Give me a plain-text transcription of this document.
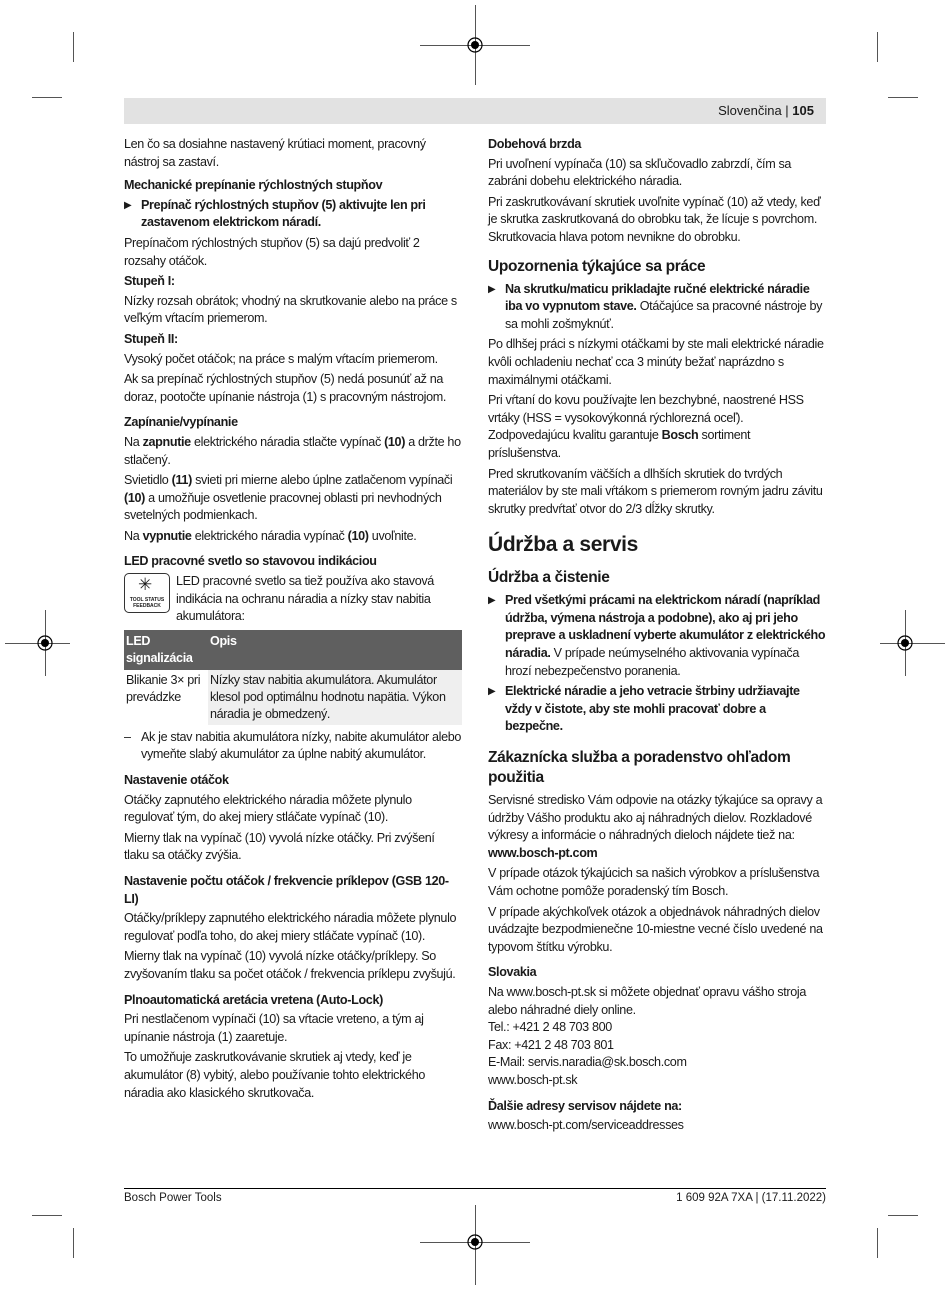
Slovenčina | 105

Len čo sa dosiahne nastavený krútiaci moment, pracovný nástroj sa zastaví.

Mechanické prepínanie rýchlostných stupňov
▶ Prepínač rýchlostných stupňov (5) aktivujte len pri zastavenom elektrickom náradí.

Prepínačom rýchlostných stupňov (5) sa dajú predvoliť 2 rozsahy otáčok.

Stupeň I:

Nízky rozsah obrátok; vhodný na skrutkovanie alebo na práce s veľkým vŕtacím priemerom.

Stupeň II:

Vysoký počet otáčok; na práce s malým vŕtacím priemerom.

Ak sa prepínač rýchlostných stupňov (5) nedá posunúť až na doraz, pootočte upínanie nástroja (1) s pracovným nástrojom.

Zapínanie/vypínanie

Na zapnutie elektrického náradia stlačte vypínač (10) a držte ho stlačený.

Svietidlo (11) svieti pri mierne alebo úplne zatlačenom vypínači (10) a umožňuje osvetlenie pracovnej oblasti pri nevhodných svetelných podmienkach.

Na vypnutie elektrického náradia vypínač (10) uvoľnite.

LED pracovné svetlo so stavovou indikáciou
✳
TOOL STATUS FEEDBACK
LED pracovné svetlo sa tiež používa ako stavová indikácia na ochranu náradia a nízky stav nabitia akumulátora:
LED signalizácia	Opis
Blikanie 3× pri prevádzke	Nízky stav nabitia akumulátora. Akumulátor klesol pod optimálnu hodnotu napätia. Výkon náradia je obmedzený.
– Ak je stav nabitia akumulátora nízky, nabite akumulátor alebo vymeňte slabý akumulátor za úplne nabitý akumulátor.
Nastavenie otáčok

Otáčky zapnutého elektrického náradia môžete plynulo regulovať tým, do akej miery stláčate vypínač (10).

Mierny tlak na vypínač (10) vyvolá nízke otáčky. Pri zvýšení tlaku sa otáčky zvýšia.

Nastavenie počtu otáčok / frekvencie príklepov (GSB 120-LI)

Otáčky/príklepy zapnutého elektrického náradia môžete plynulo regulovať podľa toho, do akej miery stláčate vypínač (10).

Mierny tlak na vypínač (10) vyvolá nízke otáčky/príklepy. So zvyšovaním tlaku sa počet otáčok / frekvencia príklepu zvyšujú.

Plnoautomatická aretácia vretena (Auto-Lock)

Pri nestlačenom vypínači (10) sa vŕtacie vreteno, a tým aj upínanie nástroja (1) zaaretuje.

To umožňuje zaskrutkovávanie skrutiek aj vtedy, keď je akumulátor (8) vybitý, alebo používanie tohto elektrického náradia ako klasického skrutkovača.

Dobehová brzda

Pri uvoľnení vypínača (10) sa skľučovadlo zabrzdí, čím sa zabráni dobehu elektrického náradia.

Pri zaskrutkovávaní skrutiek uvoľnite vypínač (10) až vtedy, keď je skrutka zaskrutkovaná do obrobku tak, že lícuje s povrchom. Skrutkovacia hlava potom nevnikne do obrobku.

Upozornenia týkajúce sa práce
▶ Na skrutku/maticu prikladajte ručné elektrické náradie iba vo vypnutom stave. Otáčajúce sa pracovné nástroje by sa mohli zošmyknúť.

Po dlhšej práci s nízkymi otáčkami by ste mali elektrické náradie kvôli ochladeniu nechať cca 3 minúty bežať naprázdno s maximálnymi otáčkami.

Pri vŕtaní do kovu používajte len bezchybné, naostrené HSS vrtáky (HSS = vysokovýkonná rýchlorezná oceľ). Zodpovedajúcu kvalitu garantuje Bosch sortiment príslušenstva.

Pred skrutkovaním väčších a dlhších skrutiek do tvrdých materiálov by ste mali vŕtákom s priemerom rovným jadru závitu skrutky predvŕtať otvor do 2/3 dĺžky skrutky.

Údržba a servis
Údržba a čistenie
▶ Pred všetkými prácami na elektrickom náradí (napríklad údržba, výmena nástroja a podobne), ako aj pri jeho preprave a uskladnení vyberte akumulátor z elektrického náradia. V prípade neúmyselného aktivovania vypínača hrozí nebezpečenstvo poranenia.
▶ Elektrické náradie a jeho vetracie štrbiny udržiavajte vždy v čistote, aby ste mohli pracovať dobre a bezpečne.
Zákaznícka služba a poradenstvo ohľadom použitia

Servisné stredisko Vám odpovie na otázky týkajúce sa opravy a údržby Vášho produktu ako aj náhradných dielov. Rozkladové výkresy a informácie o náhradných dieloch nájdete tiež na: www.bosch-pt.com

V prípade otázok týkajúcich sa našich výrobkov a príslušenstva Vám ochotne pomôže poradenský tím Bosch.

V prípade akýchkoľvek otázok a objednávok náhradných dielov uvádzajte bezpodmienečne 10-miestne vecné číslo uvedené na typovom štítku výrobku.

Slovakia

Na www.bosch-pt.sk si môžete objednať opravu vášho stroja alebo náhradné diely online.

Tel.: +421 2 48 703 800
Fax: +421 2 48 703 801
E-Mail: servis.naradia@sk.bosch.com
www.bosch-pt.sk
Ďalšie adresy servisov nájdete na:
www.bosch-pt.com/serviceaddresses
Bosch Power Tools	1 609 92A 7XA | (17.11.2022)
